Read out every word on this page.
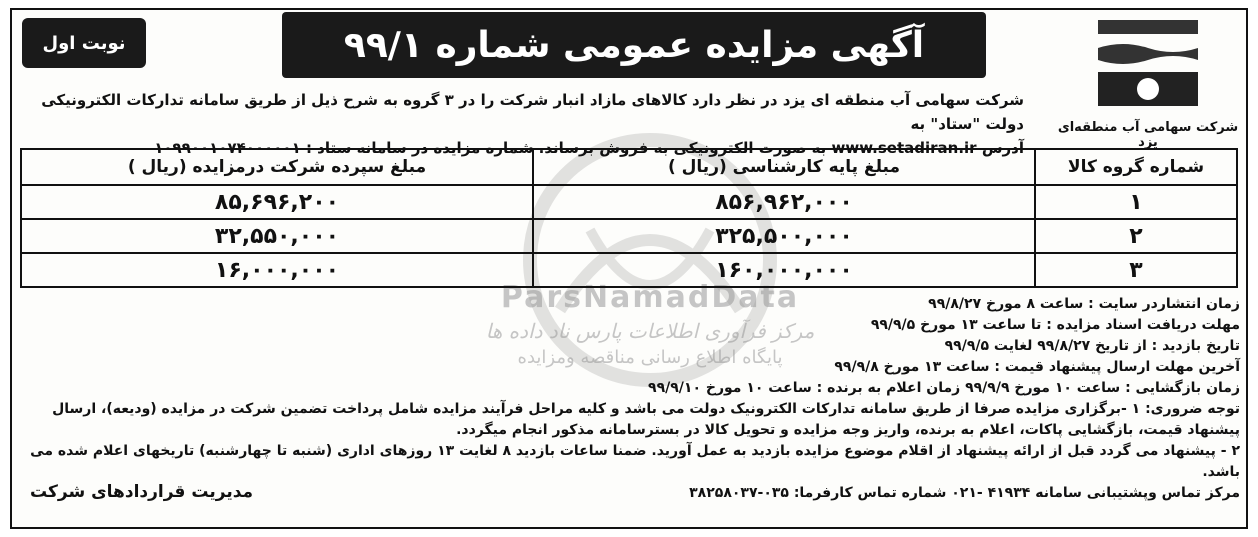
ParsNamadData
مرکز فرآوری اطلاعات پارس ناد داده ها
پایگاه اطلاع رسانی مناقصه ومزایده
شرکت سهامی آب منطقه‌ای یزد
آگهی مزایده عمومی شماره ۹۹/۱
نوبت اول
شرکت سهامی آب منطقه ای یزد در نظر دارد کالاهای مازاد انبار شرکت را در ۳ گروه به شرح ذیل از طریق سامانه تدارکات الکترونیکی دولت "ستاد" به
آدرس www.setadiran.ir به صورت الکترونیکی به فروش برساند. شماره مزایده در سامانه ستاد : ۱۰۹۹۰۰۱۰۷۴۰۰۰۰۰۱
شماره گروه کالا	مبلغ پایه کارشناسی (ریال )	مبلغ سپرده شرکت درمزایده (ریال )
۱	۸۵۶,۹۶۲,۰۰۰	۸۵,۶۹۶,۲۰۰
۲	۳۲۵,۵۰۰,۰۰۰	۳۲,۵۵۰,۰۰۰
۳	۱۶۰,۰۰۰,۰۰۰	۱۶,۰۰۰,۰۰۰
زمان انتشاردر سایت : ساعت ۸ مورخ ۹۹/۸/۲۷
مهلت دریافت اسناد مزایده : تا ساعت ۱۳ مورخ ۹۹/۹/۵
تاریخ بازدید : از تاریخ ۹۹/۸/۲۷ لغایت ۹۹/۹/۵
آخرین مهلت ارسال پیشنهاد قیمت : ساعت ۱۳ مورخ ۹۹/۹/۸
زمان بازگشایی : ساعت ۱۰ مورخ ۹۹/۹/۹ زمان اعلام به برنده : ساعت ۱۰ مورخ ۹۹/۹/۱۰
توجه ضروری: ۱ -برگزاری مزایده صرفا از طریق سامانه تدارکات الکترونیک دولت می باشد و کلیه مراحل فرآیند مزایده شامل پرداخت تضمین شرکت در مزایده (ودیعه)، ارسال پیشنهاد قیمت، بازگشایی پاکات، اعلام به برنده، واریز وجه مزایده و تحویل کالا در بسترسامانه مذکور انجام میگردد.
۲ - پیشنهاد می گردد قبل از ارائه پیشنهاد از اقلام موضوع مزایده بازدید به عمل آورید. ضمنا ساعات بازدید ۸ لغایت ۱۳ روزهای اداری (شنبه تا چهارشنبه) تاریخهای اعلام شده می باشد.
مرکز تماس وپشتیبانی سامانه ۴۱۹۳۴ -۰۲۱ شماره تماس کارفرما: ۰۳۵-۳۸۲۵۸۰۳۷
مدیریت قراردادهای شرکت
